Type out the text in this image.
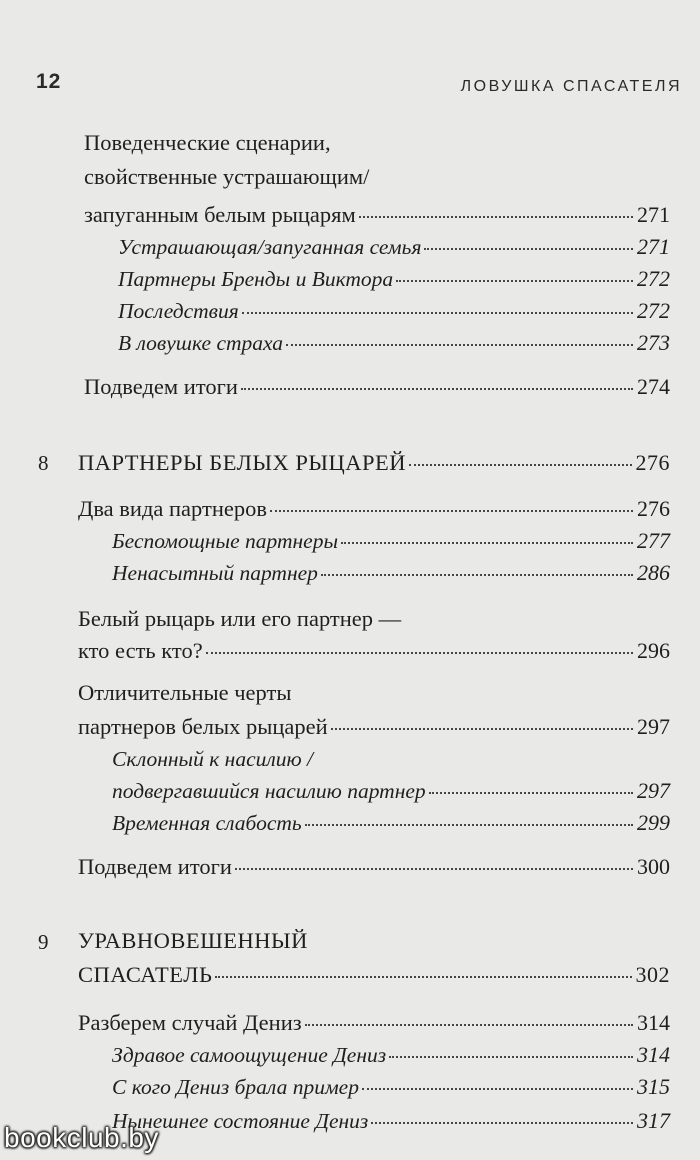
12	ЛОВУШКА СПАСАТЕЛЯ
Поведенческие сценарии,
свойственные устрашающим/
запуганным белым рыцарям	271
Устрашающая/запуганная семья	271
Партнеры Бренды и Виктора	272
Последствия	272
В ловушке страха	273
Подведем итоги	274
8 ПАРТНЕРЫ БЕЛЫХ РЫЦАРЕЙ	276
Два вида партнеров	276
Беспомощные партнеры	277
Ненасытный партнер	286
Белый рыцарь или его партнер —
кто есть кто?	296
Отличительные черты
партнеров белых рыцарей	297
Склонный к насилию /
подвергавшийся насилию партнер	297
Временная слабость	299
Подведем итоги	300
9 УРАВНОВЕШЕННЫЙ
СПАСАТЕЛЬ	302
Разберем случай Дениз	314
Здравое самоощущение Дениз	314
С кого Дениз брала пример	315
Нынешнее состояние Дениз	317
bookclub.by
